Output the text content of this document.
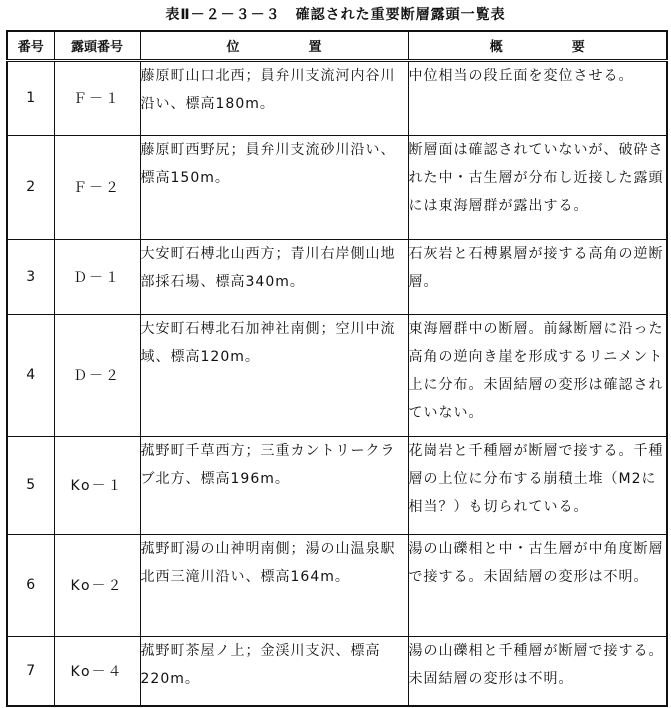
表Ⅱ－２－３－３　確認された重要断層露頭一覧表
番号	露頭番号	位　置	概　要
1	Ｆ－１	藤原町山口北西；員弁川支流河内谷川沿い、標高180m。	中位相当の段丘面を変位させる。
2	Ｆ－２	藤原町西野尻；員弁川支流砂川沿い、標高150m。	断層面は確認されていないが、破砕された中・古生層が分布し近接した露頭には東海層群が露出する。
3	Ｄ－１	大安町石榑北山西方；青川右岸側山地部採石場、標高340m。	石灰岩と石榑累層が接する高角の逆断層。
4	Ｄ－２	大安町石榑北石加神社南側；空川中流域、標高120m。	東海層群中の断層。前縁断層に沿った高角の逆向き崖を形成するリニメント上に分布。未固結層の変形は確認されていない。
5	Ko－１	菰野町千草西方；三重カントリークラブ北方、標高196m。	花崗岩と千種層が断層で接する。千種層の上位に分布する崩積土堆（M2に相当？）も切られている。
6	Ko－２	菰野町湯の山神明南側；湯の山温泉駅北西三滝川沿い、標高164m。	湯の山礫相と中・古生層が中角度断層で接する。未固結層の変形は不明。
7	Ko－４	菰野町茶屋ノ上；金渓川支沢、標高220m。	湯の山礫相と千種層が断層で接する。未固結層の変形は不明。
